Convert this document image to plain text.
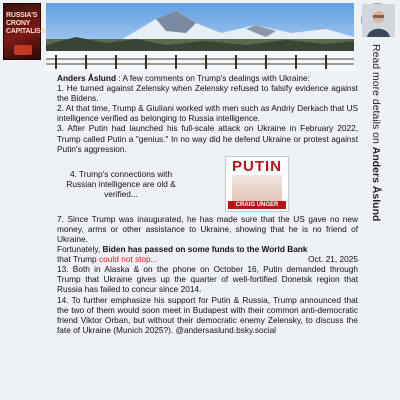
RUSSIA'S CRONY CAPITALISM
Read more details on Anders Åslund

Anders Åslund : A few comments on Trump's dealings with Ukraine:

1. He turned against Zelensky when Zelensky refused to falsify evidence against the Bidens.

2. At that time, Trump & Giuliani worked with men such as Andriy Derkach that US intelligence verified as belonging to Russia intelligence.

3. After Putin had launched his full-scale attack on Ukraine in February 2022, Trump called Putin a "genius." In no way did he defend Ukraine or protest against Putin's aggression.

4. Trump's connections with Russian intelligence are old & verified...
PUTIN
CRAIG UNGER

7. Since Trump was inaugurated, he has made sure that the US gave no new money, arms or other assistance to Ukraine, showing that he is no friend of Ukraine.

Fortunately, Biden has passed on some funds to the World Bank

that Trump could not stop...	Oct. 21, 2025

13. Both in Alaska & on the phone on October 16, Putin demanded through Trump that Ukraine gives up the quarter of well-fortified Donetsk region that Russia has failed to concur since 2014.

14. To further emphasize his support for Putin & Russia, Trump announced that the two of them would soon meet in Budapest with their common anti-democratic friend Viktor Orban, but without their democratic enemy Zelensky, to discuss the fate of Ukraine (Munich 2025?). @andersaslund.bsky.social
